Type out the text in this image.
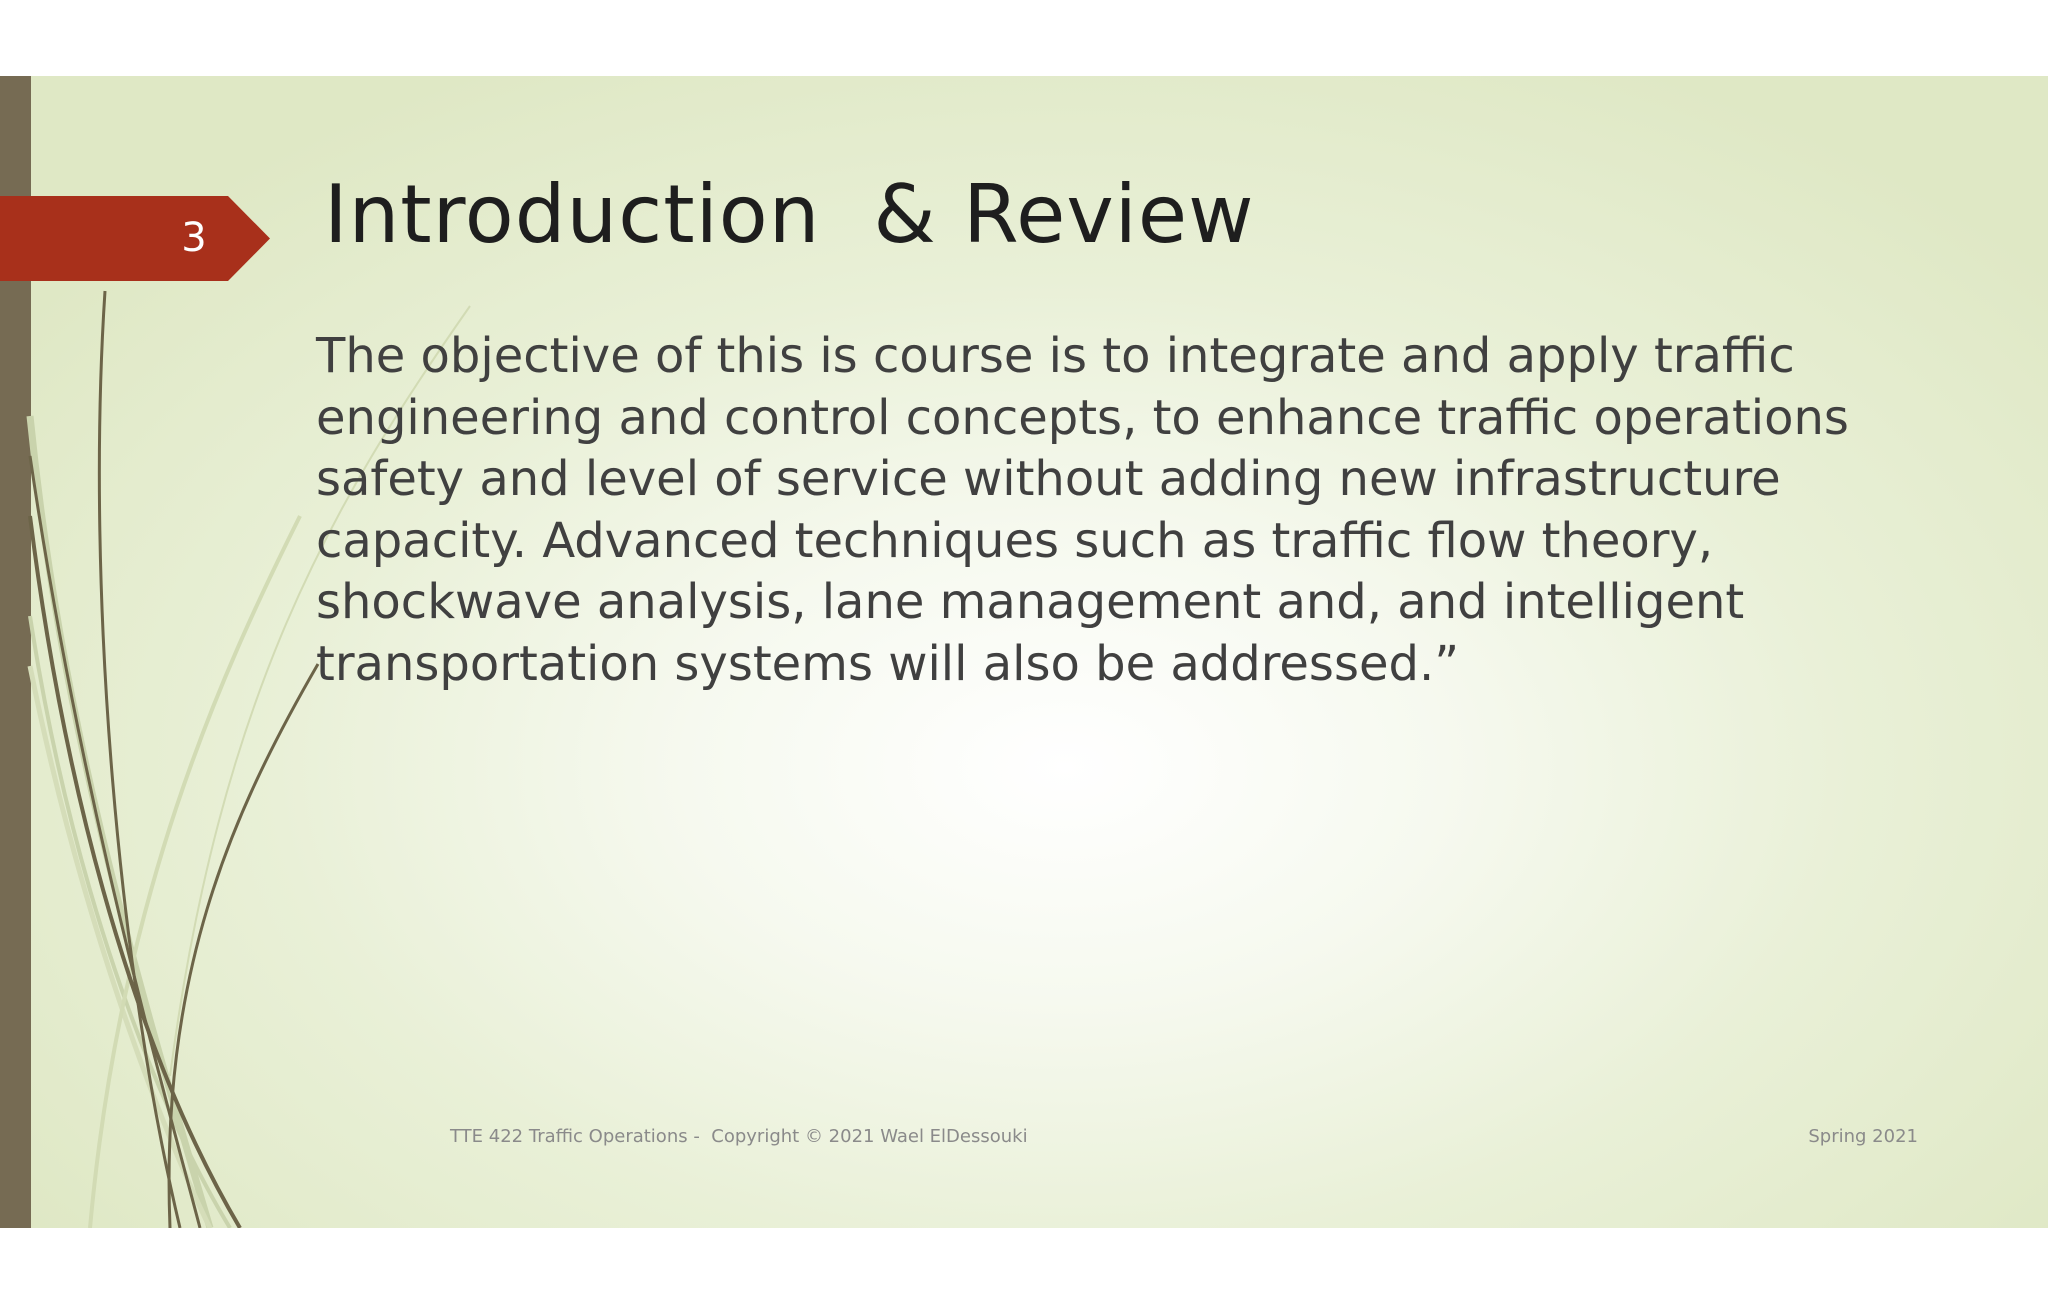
3 Introduction  & Review

The objective of this is course is to integrate and apply traffic engineering and control concepts, to enhance traffic operations safety and level of service without adding new infrastructure capacity. Advanced techniques such as traffic flow theory, shockwave analysis, lane management and, and intelligent transportation systems will also be addressed.”

TTE 422 Traffic Operations -  Copyright © 2021 Wael ElDessouki	Spring 2021
